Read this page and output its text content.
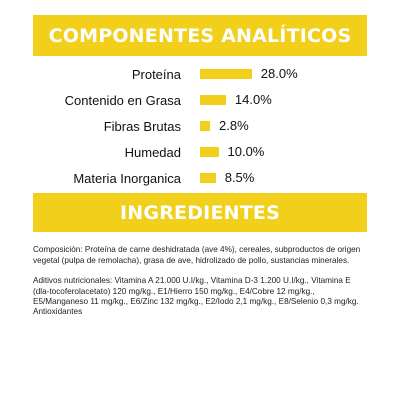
COMPONENTES ANALÍTICOS
Proteína	28.0%
Contenido en Grasa	14.0%
Fibras Brutas	2.8%
Humedad	10.0%
Materia Inorganica	8.5%
INGREDIENTES

Composición: Proteína de carne deshidratada (ave 4%), cereales, subproductos de origen vegetal (pulpa de remolacha), grasa de ave, hidrolizado de pollo, sustancias minerales.

Aditivos nutricionales: Vitamina A 21.000 U.I/kg., Vitamina D-3 1.200 U.I/kg., Vitamina E (dla-tocoferolacetato) 120 mg/kg., E1/Hierro 150 mg/kg., E4/Cobre 12 mg/kg., E5/Manganeso 11 mg/kg., E6/Zinc 132 mg/kg., E2/Iodo 2,1 mg/kg., E8/Selenio 0,3 mg/kg. Antioxidantes
